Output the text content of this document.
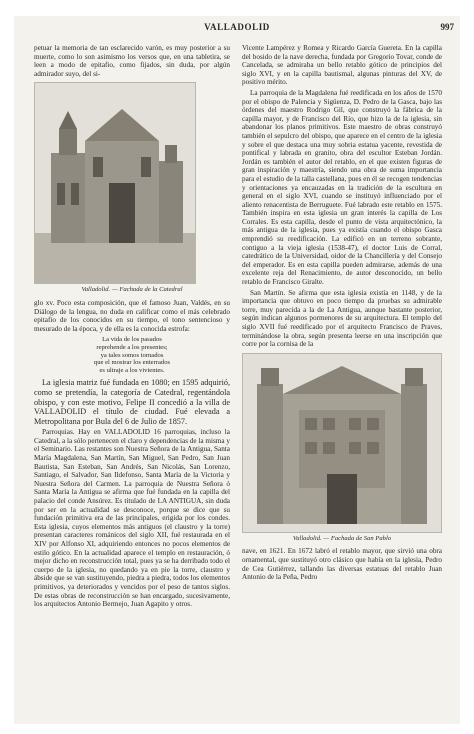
VALLADOLID	997

petuar la memoria de tan esclarecido varón, es muy posterior a su muerte, como lo son asimismo los versos que, en una tabletira, se leen a modo de epitafio, como fijados, sin duda, por algún admirador suyo, del si-

Valladolid. — Fachada de la Catedral

glo xv. Poco esta composición, que el famoso Juan, Valdés, en su Diálogo de la lengua, no duda en calificar como el más celebrado epitafio de los conocidos en su tiempo, el tono sentencioso y mesurado de la época, y de ella es la conocida estrofa:

La vida de los pasados
reprehende a los presentes;
ya tales somos tornados
que el mostrar los enterrados
es ultraje a los vivientes.

La iglesia matriz fué fundada en 1080; en 1595 adquirió, como se pretendía, la categoría de Catedral, regentándola obispo, y con este motivo, Felipe II concedió a la villa de VALLADOLID el título de ciudad. Fué elevada a Metropolitana por Bula del 6 de Julio de 1857.

Parroquias. Hay en VALLADOLID 16 parroquias, incluso la Catedral, a la sólo pertenecen el claro y dependencias de la misma y el Seminario. Las restantes son Nuestra Señora de la Antigua, Santa María Magdalena, San Martín, San Miguel, San Pedro, San Juan Bautista, San Esteban, San Andrés, San Nicolás, San Lorenzo, Santiago, el Salvador, San Ildefonso, Santa María de la Victoria y Nuestra Señora del Carmen. La parroquia de Nuestra Señora ó Santa María la Antigua se afirma que fué fundada en la capilla del palacio del conde Ansúrez. Es títulado de LA ANTIGUA, sin duda por ser en la actualidad se desconoce, porque se dice que su fundación primitiva era de las principales, erigida por los condes. Esta iglesia, cuyos elementos más antiguos (el claustro y la torre) presentan caracteres románicos del siglo XII, fué restaurada en el XIV por Alfonso XI, adquiriendo entonces no pocos elementos de estilo gótico. En la actualidad aparece el templo en restauración, ó mejor dicho en reconstrucción total, pues ya se ha derribado todo el cuerpo de la iglesia, no quedando ya en pie la torre, claustro y ábside que se van sustituyendo, piedra a piedra, todos los elementos primitivos, ya deteriorados y vencidos por el peso de tantos siglos. De estas obras de reconstrucción se han encargado, sucesivamente, los arquitectos Antonio Bermejo, Juan Agapito y otros.

Vicente Lampérez y Romea y Ricardo García Guereta. En la capilla del bosido de la nave derecha, fundada por Gregorio Tovar, conde de Cancelada, se admiraba un bello retablo gótico de principios del siglo XVI, y en la capilla bautismal, algunas pinturas del XV, de positivo mérito.

La parroquia de la Magdalena fué reedificada en los años de 1570 por el obispo de Palencia y Sigüenza, D. Pedro de la Gasca, bajo las órdenes del maestro Rodrigo Gil, que construyó la fábrica de la capilla mayor, y de Francisco del Río, que hizo la de la iglesia, sin abandonar los planos primitivos. Este maestro de obras construyó también el sepulcro del obispo, que aparece en el centro de la iglesia y sobre el que destaca una muy sobria estatua yacente, revestida de pontifical y labrada en granito, obra del escultor Esteban Jordán. Jordán es también el autor del retablo, en el que existen figuras de gran inspiración y maestría, siendo una obra de suma importancia para el estudio de la talla castellana, pues en él se recogen tendencias y orientaciones ya encauzadas en la tradición de la escultura en general en el siglo XVI, cuando se instituyó influenciado por el aliento renacentista de Berruguete. Fué labrado este retablo en 1575. También inspira en esta iglesia un gran interés la capilla de Los Corrales. Es esta capilla, desde el punto de vista arquitectónico, la más antigua de la iglesia, pues ya existía cuando el obispo Gasca emprendió su reedificación. La edificó en un terreno sobrante, contiguo a la vieja iglesia (1538-47), el doctor Luis de Corral, catedrático de la Universidad, oidor de la Chancillería y del Consejo del emperador. Es en esta capilla pueden admirarse, además de una excelente reja del Renacimiento, de autor desconocido, un bello retablo de Francisco Giralte.

San Martín. Se afirma que esta iglesia existía en 1148, y de la importancia que obtuvo en poco tiempo da pruebas su admirable torre, muy parecida a la de La Antigua, aunque bastante posterior, según indican algunos pormenores de su arquitectura. El templo del siglo XVII fué reedificado por el arquitecto Francisco de Praves, terminándose la obra, según presenta leerse en una inscripción que corre por la cornisa de la

Valladolid. — Fachada de San Pablo

nave, en 1621. En 1672 labró el retablo mayor, que sirvió una obra ornamental, que sustituyó otro clásico que había en la iglesia, Pedro de Cea Gutiérrez, tallando las diversas estatuas del retablo Juan Antonio de la Peña, Pedro
